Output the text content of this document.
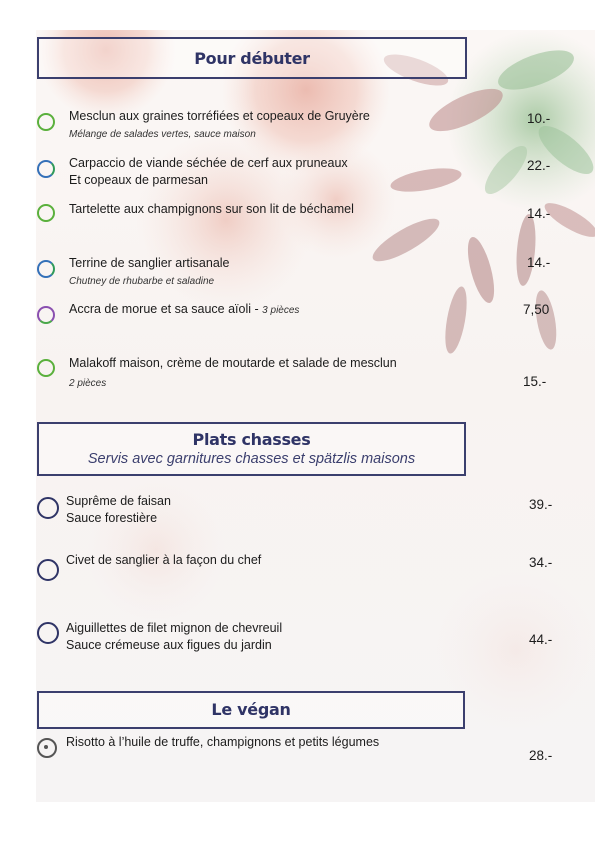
Pour débuter
Mesclun aux graines torréfiées et copeaux de Gruyère
Mélange de salades vertes, sauce maison
10.-
Carpaccio de viande séchée de cerf aux pruneaux
Et copeaux de parmesan
22.-
Tartelette aux champignons sur son lit de béchamel	14.-
Terrine de sanglier artisanale
Chutney de rhubarbe et saladine
14.-
Accra de morue et sa sauce aïoli - 3 pièces	7,50
Malakoff maison, crème de moutarde et salade de mesclun
2 pièces	15.-
Plats chasses
Servis avec garnitures chasses et spätzlis maisons
Suprême de faisan
Sauce forestière
39.-
Civet de sanglier à la façon du chef	34.-
Aiguillettes de filet mignon de chevreuil
Sauce crémeuse aux figues du jardin	44.-
Le végan
Risotto à l’huile de truffe, champignons et petits légumes
28.-
